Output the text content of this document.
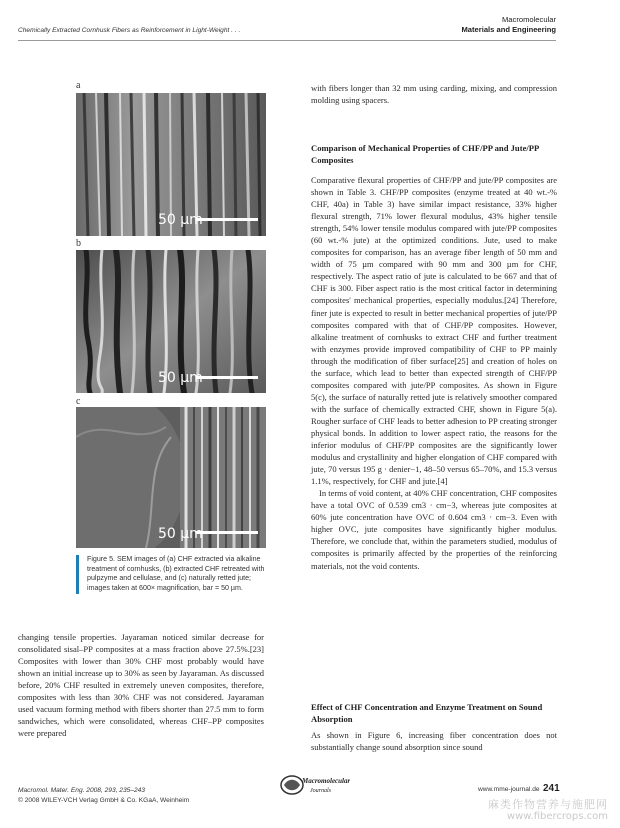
Chemically Extracted Cornhusk Fibers as Reinforcement in Light-Weight . . .
Macromolecular
Materials and Engineering
a
50 µm
b
50 µm
c
50 µm
Figure 5. SEM images of (a) CHF extracted via alkaline treatment of cornhusks, (b) extracted CHF retreated with pulpzyme and cellulase, and (c) naturally retted jute; images taken at 600× magnification, bar = 50 µm.

changing tensile properties. Jayaraman noticed similar decrease for consolidated sisal–PP composites at a mass fraction above 27.5%.[23] Composites with lower than 30% CHF most probably would have shown an initial increase up to 30% as seen by Jayaraman. As discussed before, 20% CHF resulted in extremely uneven composites, therefore, composites with less than 30% CHF was not considered. Jayaraman used vacuum forming method with fibers shorter than 27.5 mm to form sandwiches, which were consolidated, whereas CHF–PP composites were prepared

with fibers longer than 32 mm using carding, mixing, and compression molding using spacers.

Comparison of Mechanical Properties of CHF/PP and Jute/PP Composites

Comparative flexural properties of CHF/PP and jute/PP composites are shown in Table 3. CHF/PP composites (enzyme treated at 40 wt.-% CHF, 40a) in Table 3) have similar impact resistance, 33% higher flexural strength, 71% lower flexural modulus, 43% higher tensile strength, 54% lower tensile modulus compared with jute/PP composites (60 wt.-% jute) at the optimized conditions. Jute, used to make composites for comparison, has an average fiber length of 50 mm and width of 75 µm compared with 90 mm and 300 µm for CHF, respectively. The aspect ratio of jute is calculated to be 667 and that of CHF is 300. Fiber aspect ratio is the most critical factor in determining composites' mechanical properties, especially modulus.[24] Therefore, finer jute is expected to result in better mechanical properties of jute/PP composites compared with that of CHF/PP composites. However, alkaline treatment of cornhusks to extract CHF and further treatment with enzymes provide improved compatibility of CHF to PP mainly through the modification of fiber surface[25] and creation of holes on the surface, which lead to better than expected strength of CHF/PP composites compared with jute/PP composites. As shown in Figure 5(c), the surface of naturally retted jute is relatively smoother compared with the surface of chemically extracted CHF, shown in Figure 5(a). Rougher surface of CHF leads to better adhesion to PP creating stronger physical bonds. In addition to lower aspect ratio, the reasons for the inferior modulus of CHF/PP composites are the significantly lower modulus and crystallinity and higher elongation of CHF compared with jute, 70 versus 195 g · denier−1, 48–50 versus 65–70%, and 15.3 versus 1.1%, respectively, for CHF and jute.[4]

In terms of void content, at 40% CHF concentration, CHF composites have a total OVC of 0.539 cm3 · cm−3, whereas jute composites at 60% jute concentration have OVC of 0.604 cm3 · cm−3. Even with higher OVC, jute composites have significantly higher modulus. Therefore, we conclude that, within the parameters studied, modulus of composites is primarily affected by the properties of the reinforcing materials, not the void contents.

Effect of CHF Concentration and Enzyme Treatment on Sound Absorption

As shown in Figure 6, increasing fiber concentration does not substantially change sound absorption since sound

Macromol. Mater. Eng. 2008, 293, 235–243
© 2008 WILEY-VCH Verlag GmbH & Co. KGaA, Weinheim
Macromolecular
Journals	www.mme-journal.de 241
麻类作物营养与施肥网
www.fibercrops.com
